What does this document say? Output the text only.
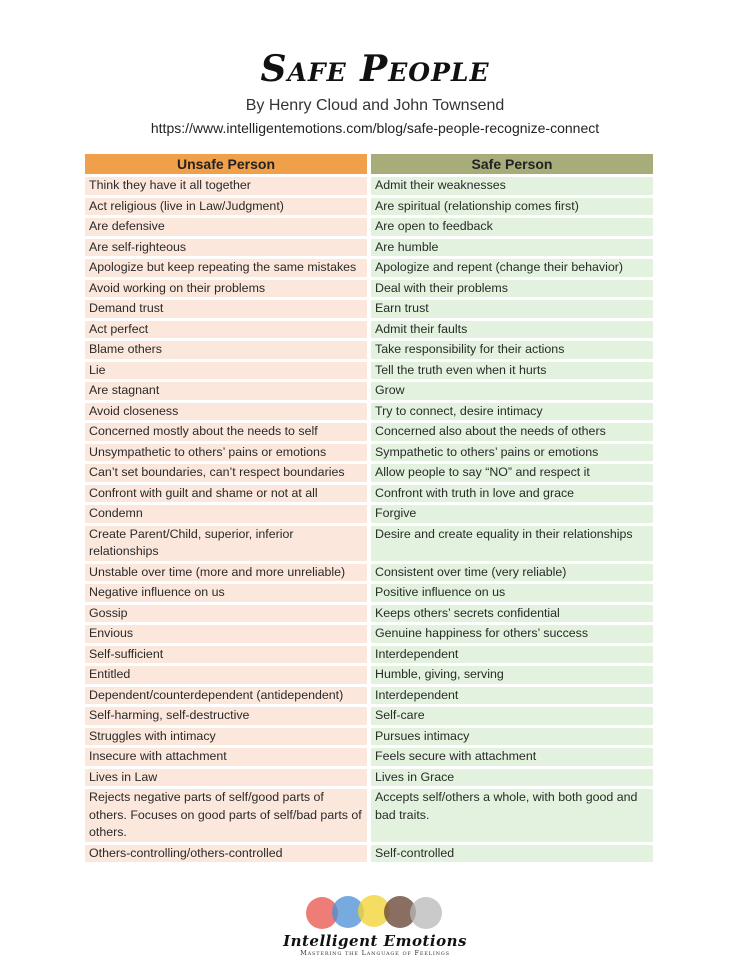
Safe People
By Henry Cloud and John Townsend
https://www.intelligentemotions.com/blog/safe-people-recognize-connect
Unsafe Person	Safe Person
Think they have it all together	Admit their weaknesses
Act religious (live in Law/Judgment)	Are spiritual (relationship comes first)
Are defensive	Are open to feedback
Are self-righteous	Are humble
Apologize but keep repeating the same mistakes	Apologize and repent (change their behavior)
Avoid working on their problems	Deal with their problems
Demand trust	Earn trust
Act perfect	Admit their faults
Blame others	Take responsibility for their actions
Lie	Tell the truth even when it hurts
Are stagnant	Grow
Avoid closeness	Try to connect, desire intimacy
Concerned mostly about the needs to self	Concerned also about the needs of others
Unsympathetic to others’ pains or emotions	Sympathetic to others’ pains or emotions
Can’t set boundaries, can’t respect boundaries	Allow people to say “NO” and respect it
Confront with guilt and shame or not at all	Confront with truth in love and grace
Condemn	Forgive
Create Parent/Child, superior, inferior relationships	Desire and create equality in their relationships
Unstable over time (more and more unreliable)	Consistent over time (very reliable)
Negative influence on us	Positive influence on us
Gossip	Keeps others’ secrets confidential
Envious	Genuine happiness for others’ success
Self-sufficient	Interdependent
Entitled	Humble, giving, serving
Dependent/counterdependent (antidependent)	Interdependent
Self-harming, self-destructive	Self-care
Struggles with intimacy	Pursues intimacy
Insecure with attachment	Feels secure with attachment
Lives in Law	Lives in Grace
Rejects negative parts of self/good parts of others. Focuses on good parts of self/bad parts of others.	Accepts self/others a whole, with both good and bad traits.
Others-controlling/others-controlled	Self-controlled
Intelligent Emotions
Mastering the Language of Feelings
